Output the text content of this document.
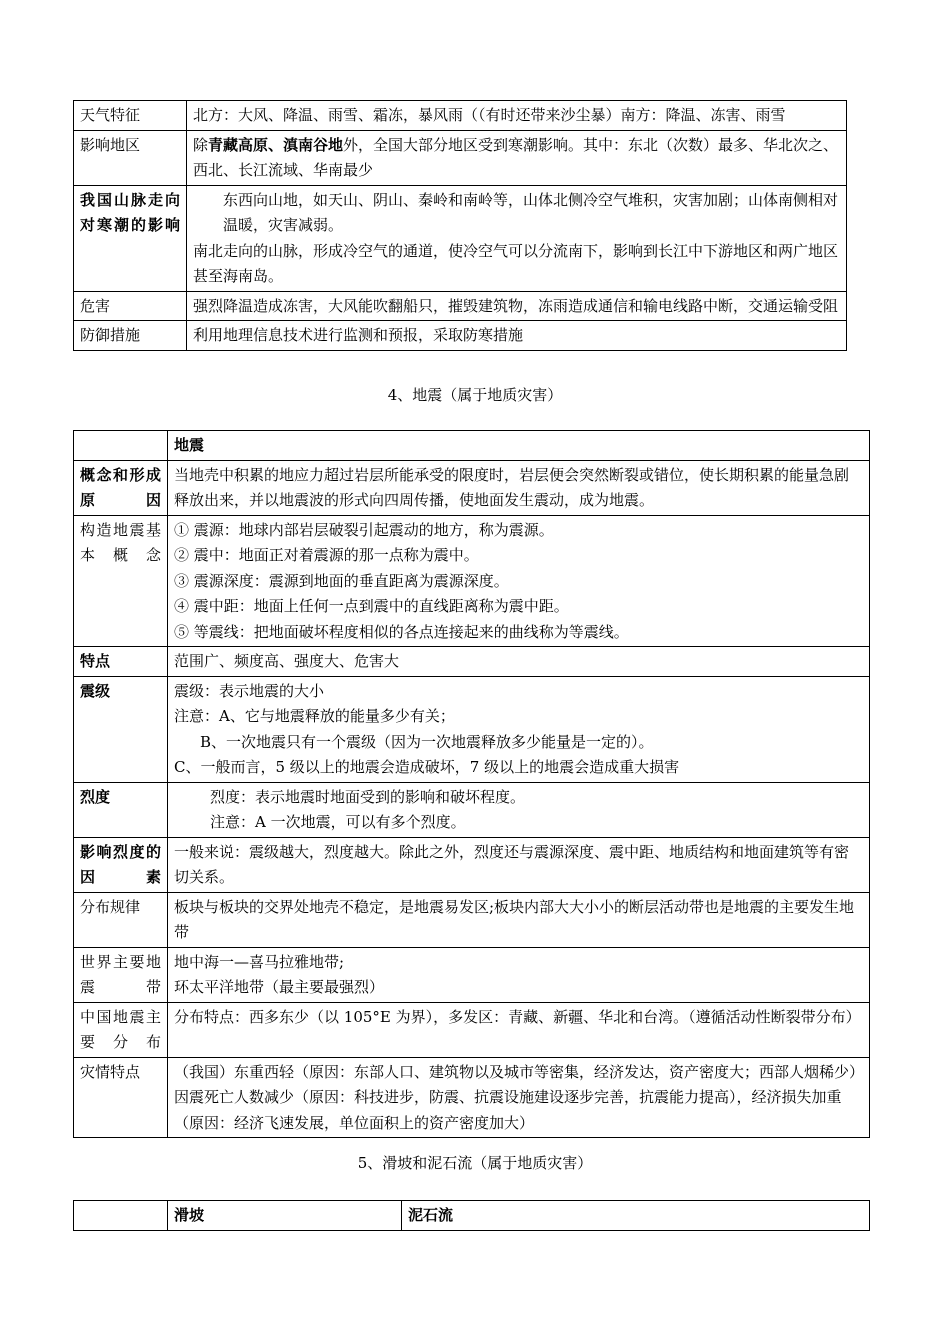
天气特征	北方：大风、降温、雨雪、霜冻，暴风雨（（有时还带来沙尘暴）南方：降温、冻害、雨雪
影响地区	除青藏高原、滇南谷地外，全国大部分地区受到寒潮影响。其中：东北（次数）最多、华北次之、西北、长江流域、华南最少
我国山脉走向对寒潮的影响	东西向山地，如天山、阴山、秦岭和南岭等，山体北侧冷空气堆积，灾害加剧；山体南侧相对温暖，灾害减弱。
南北走向的山脉，形成冷空气的通道，使冷空气可以分流南下，影响到长江中下游地区和两广地区甚至海南岛。

危害	强烈降温造成冻害，大风能吹翻船只，摧毁建筑物，冻雨造成通信和输电线路中断，交通运输受阻
防御措施	利用地理信息技术进行监测和预报，采取防寒措施
4、地震（属于地质灾害）
	地震
概念和形成原因	当地壳中积累的地应力超过岩层所能承受的限度时，岩层便会突然断裂或错位，使长期积累的能量急剧释放出来，并以地震波的形式向四周传播，使地面发生震动，成为地震。
构造地震基本概念	① 震源：地球内部岩层破裂引起震动的地方，称为震源。
② 震中：地面正对着震源的那一点称为震中。
③ 震源深度：震源到地面的垂直距离为震源深度。
④ 震中距：地面上任何一点到震中的直线距离称为震中距。
⑤ 等震线：把地面破坏程度相似的各点连接起来的曲线称为等震线。

特点	范围广、频度高、强度大、危害大
震级	震级：表示地震的大小
注意：A、它与地震释放的能量多少有关；
B、一次地震只有一个震级（因为一次地震释放多少能量是一定的）。
C、一般而言，5 级以上的地震会造成破坏，7 级以上的地震会造成重大损害

烈度	烈度：表示地震时地面受到的影响和破坏程度。
注意：A 一次地震，可以有多个烈度。

影响烈度的因素	一般来说：震级越大，烈度越大。除此之外，烈度还与震源深度、震中距、地质结构和地面建筑等有密切关系。
分布规律	板块与板块的交界处地壳不稳定，是地震易发区;板块内部大大小小的断层活动带也是地震的主要发生地带
世界主要地震带	地中海一—喜马拉雅地带;
环太平洋地带（最主要最强烈）

中国地震主要分布	分布特点：西多东少（以 105°E 为界），多发区：青藏、新疆、华北和台湾。（遵循活动性断裂带分布）
灾情特点	（我国）东重西轻（原因：东部人口、建筑物以及城市等密集，经济发达，资产密度大；西部人烟稀少）
因震死亡人数减少（原因：科技进步，防震、抗震设施建设逐步完善，抗震能力提高），经济损失加重（原因：经济飞速发展，单位面积上的资产密度加大）
5、滑坡和泥石流（属于地质灾害）
	滑坡	泥石流
